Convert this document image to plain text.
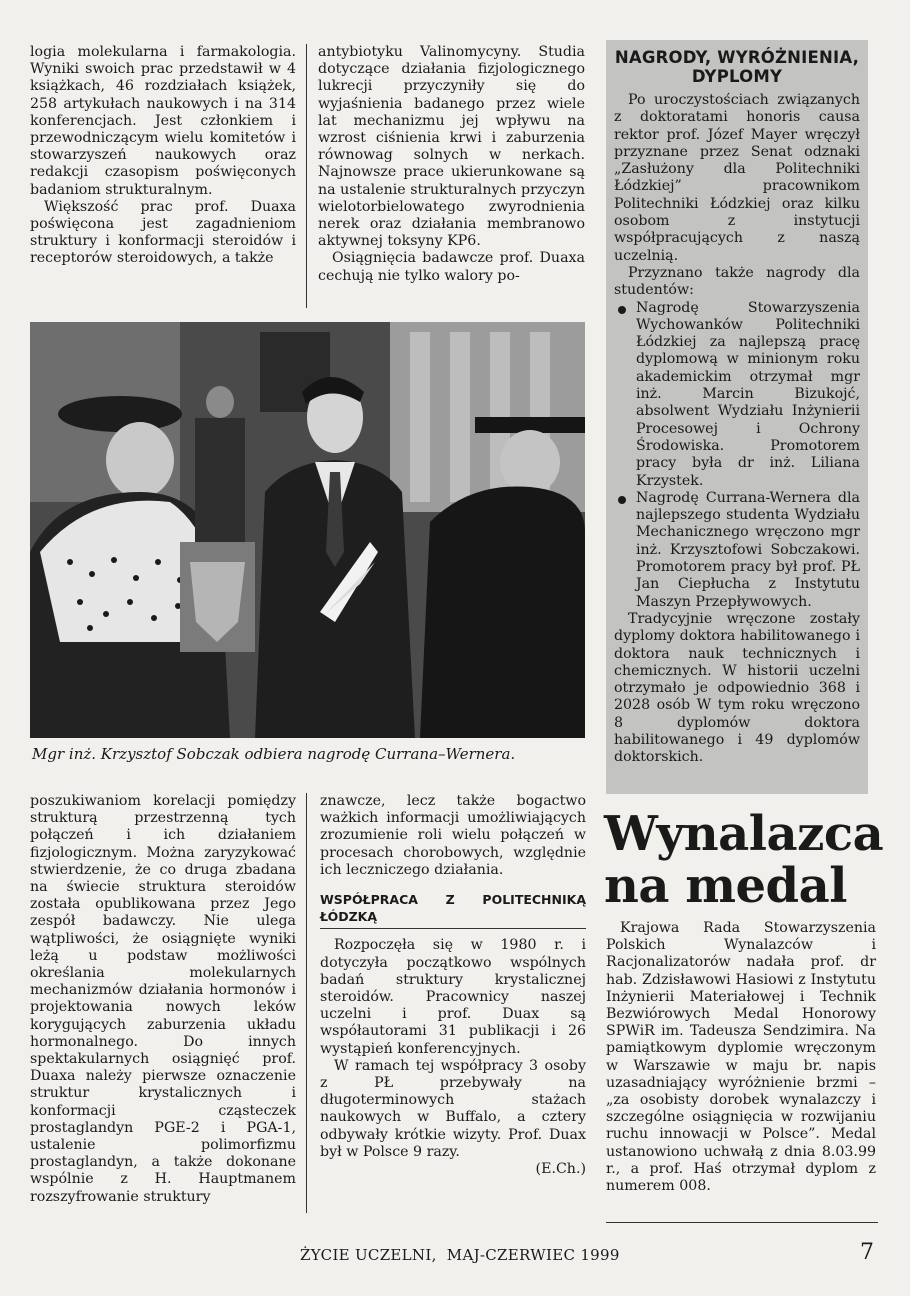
logia molekularna i farmakologia. Wyniki swoich prac przedstawił w 4 książkach, 46 rozdziałach książek, 258 artykułach naukowych i na 314 konferencjach. Jest członkiem i przewodniczącym wielu komitetów i stowarzyszeń naukowych oraz redakcji czasopism poświęconych badaniom strukturalnym.

Większość prac prof. Duaxa poświęcona jest zagadnieniom struktury i konformacji steroidów i receptorów steroidowych, a także

antybiotyku Valinomycyny. Studia dotyczące działania fizjologicznego lukrecji przyczyniły się do wyjaśnienia badanego przez wiele lat mechanizmu jej wpływu na wzrost ciśnienia krwi i zaburzenia równowag solnych w nerkach. Najnowsze prace ukierunkowane są na ustalenie strukturalnych przyczyn wielotorbielowatego zwyrodnienia nerek oraz działania membranowo aktywnej toksyny KP6.

Osiągnięcia badawcze prof. Duaxa cechują nie tylko walory po-

Mgr inż. Krzysztof Sobczak odbiera nagrodę Currana–Wernera.

poszukiwaniom korelacji pomiędzy strukturą przestrzenną tych połączeń i ich działaniem fizjologicznym. Można zaryzykować stwierdzenie, że co druga zbadana na świecie struktura steroidów została opublikowana przez Jego zespół badawczy. Nie ulega wątpliwości, że osiągnięte wyniki leżą u podstaw możliwości określania molekularnych mechanizmów działania hormonów i projektowania nowych leków korygujących zaburzenia układu hormonalnego. Do innych spektakularnych osiągnięć prof. Duaxa należy pierwsze oznaczenie struktur krystalicznych i konformacji cząsteczek prostaglandyn PGE-2 i PGA-1, ustalenie polimorfizmu prostaglandyn, a także dokonane wspólnie z H. Hauptmanem rozszyfrowanie struktury

znawcze, lecz także bogactwo ważkich informacji umożliwiających zrozumienie roli wielu połączeń w procesach chorobowych, względnie ich leczniczego działania.

WSPÓŁPRACA Z POLITECHNIKĄ ŁÓDZKĄ

Rozpoczęła się w 1980 r. i dotyczyła początkowo wspólnych badań struktury krystalicznej steroidów. Pracownicy naszej uczelni i prof. Duax są współautorami 31 publikacji i 26 wystąpień konferencyjnych.

W ramach tej współpracy 3 osoby z PŁ przebywały na długoterminowych stażach naukowych w Buffalo, a cztery odbywały krótkie wizyty. Prof. Duax był w Polsce 9 razy.

(E.Ch.)
NAGRODY, WYRÓŻNIENIA, DYPLOMY

Po uroczystościach związanych z doktoratami honoris causa rektor prof. Józef Mayer wręczył przyznane przez Senat odznaki „Zasłużony dla Politechniki Łódzkiej” pracownikom Politechniki Łódzkiej oraz kilku osobom z instytucji współpracujących z naszą uczelnią.

Przyznano także nagrody dla studentów:

Nagrodę Stowarzyszenia Wychowanków Politechniki Łódzkiej za najlepszą pracę dyplomową w minionym roku akademickim otrzymał mgr inż. Marcin Bizukojć, absolwent Wydziału Inżynierii Procesowej i Ochrony Środowiska. Promotorem pracy była dr inż. Liliana Krzystek.
Nagrodę Currana-Wernera dla najlepszego studenta Wydziału Mechanicznego wręczono mgr inż. Krzysztofowi Sobczakowi. Promotorem pracy był prof. PŁ Jan Ciepłucha z Instytutu Maszyn Przepływowych.

Tradycyjnie wręczone zostały dyplomy doktora habilitowanego i doktora nauk technicznych i chemicznych. W historii uczelni otrzymało je odpowiednio 368 i 2028 osób W tym roku wręczono 8 dyplomów doktora habilitowanego i 49 dyplomów doktorskich.

Wynalazca na medal

Krajowa Rada Stowarzyszenia Polskich Wynalazców i Racjonalizatorów nadała prof. dr hab. Zdzisławowi Hasiowi z Instytutu Inżynierii Materiałowej i Technik Bezwiórowych Medal Honorowy SPWiR im. Tadeusza Sendzimira. Na pamiątkowym dyplomie wręczonym w Warszawie w maju br. napis uzasadniający wyróżnienie brzmi – „za osobisty dorobek wynalazczy i szczególne osiągnięcia w rozwijaniu ruchu innowacji w Polsce”. Medal ustanowiono uchwałą z dnia 8.03.99 r., a prof. Haś otrzymał dyplom z numerem 008.

ŻYCIE UCZELNI, MAJ-CZERWIEC 1999	7
